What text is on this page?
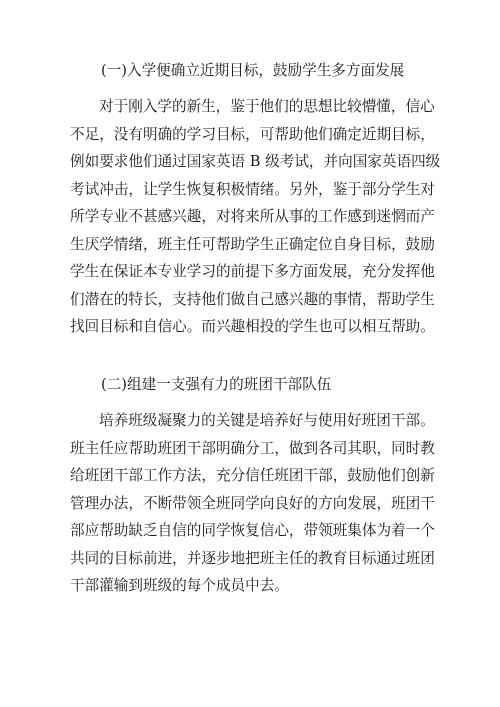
(一)入学便确立近期目标，鼓励学生多方面发展
对于刚入学的新生，鉴于他们的思想比较懵懂，信心
不足，没有明确的学习目标，可帮助他们确定近期目标，
例如要求他们通过国家英语 B 级考试，并向国家英语四级
考试冲击，让学生恢复积极情绪。另外，鉴于部分学生对
所学专业不甚感兴趣，对将来所从事的工作感到迷惘而产
生厌学情绪，班主任可帮助学生正确定位自身目标，鼓励
学生在保证本专业学习的前提下多方面发展，充分发挥他
们潜在的特长，支持他们做自己感兴趣的事情，帮助学生
找回目标和自信心。而兴趣相投的学生也可以相互帮助。
(二)组建一支强有力的班团干部队伍
培养班级凝聚力的关键是培养好与使用好班团干部。
班主任应帮助班团干部明确分工，做到各司其职，同时教
给班团干部工作方法，充分信任班团干部，鼓励他们创新
管理办法，不断带领全班同学向良好的方向发展，班团干
部应帮助缺乏自信的同学恢复信心，带领班集体为着一个
共同的目标前进，并逐步地把班主任的教育目标通过班团
干部灌输到班级的每个成员中去。
